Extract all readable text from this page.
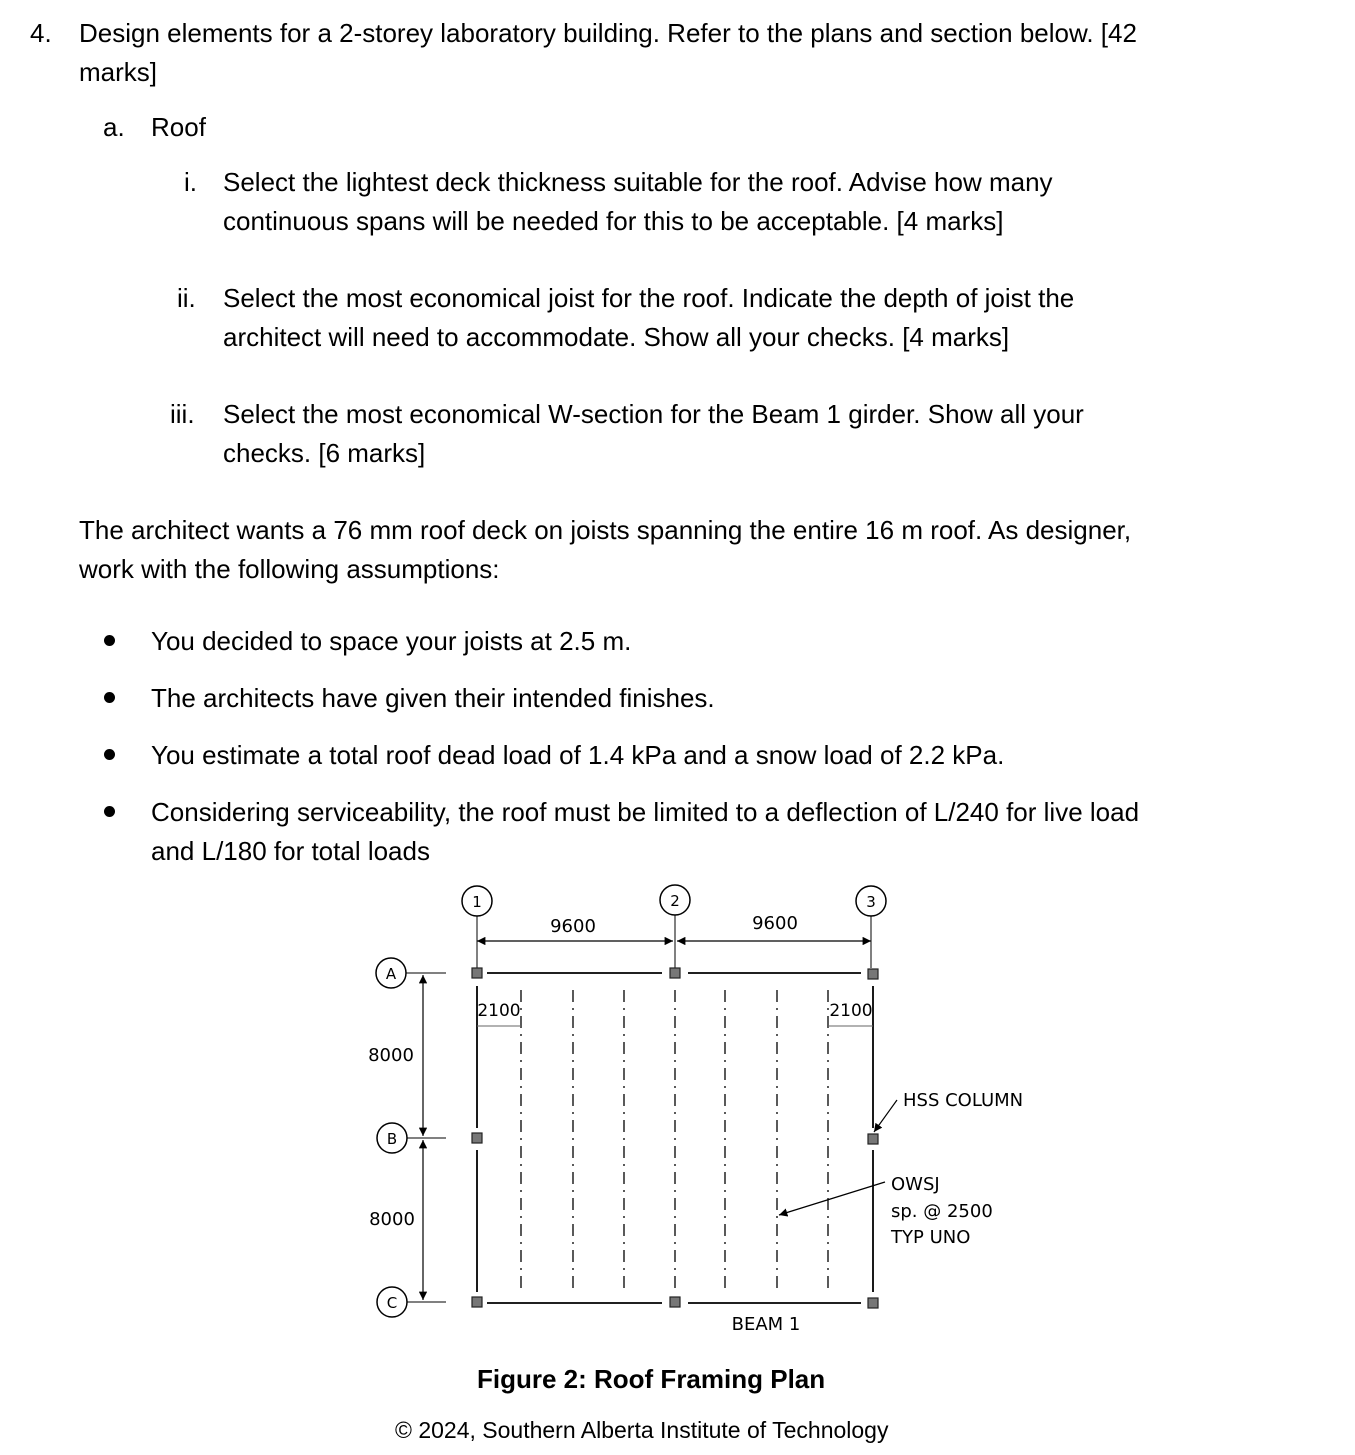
4. Design elements for a 2-storey laboratory building. Refer to the plans and section below. [42
marks]
a. Roof
i. Select the lightest deck thickness suitable for the roof. Advise how many
continuous spans will be needed for this to be acceptable. [4 marks]
ii. Select the most economical joist for the roof. Indicate the depth of joist the
architect will need to accommodate. Show all your checks. [4 marks]
iii. Select the most economical W-section for the Beam 1 girder. Show all your
checks. [6 marks]
The architect wants a 76 mm roof deck on joists spanning the entire 16 m roof. As designer,
work with the following assumptions:
You decided to space your joists at 2.5 m.
The architects have given their intended finishes.
You estimate a total roof dead load of 1.4 kPa and a snow load of 2.2 kPa.
Considering serviceability, the roof must be limited to a deflection of L/240 for live load
and L/180 for total loads
1	2	3
9600	9600
A
B
C
8000
8000
2100	2100
HSS COLUMN
OWSJ
sp. @ 2500
TYP UNO
BEAM 1
Figure 2: Roof Framing Plan
© 2024, Southern Alberta Institute of Technology
